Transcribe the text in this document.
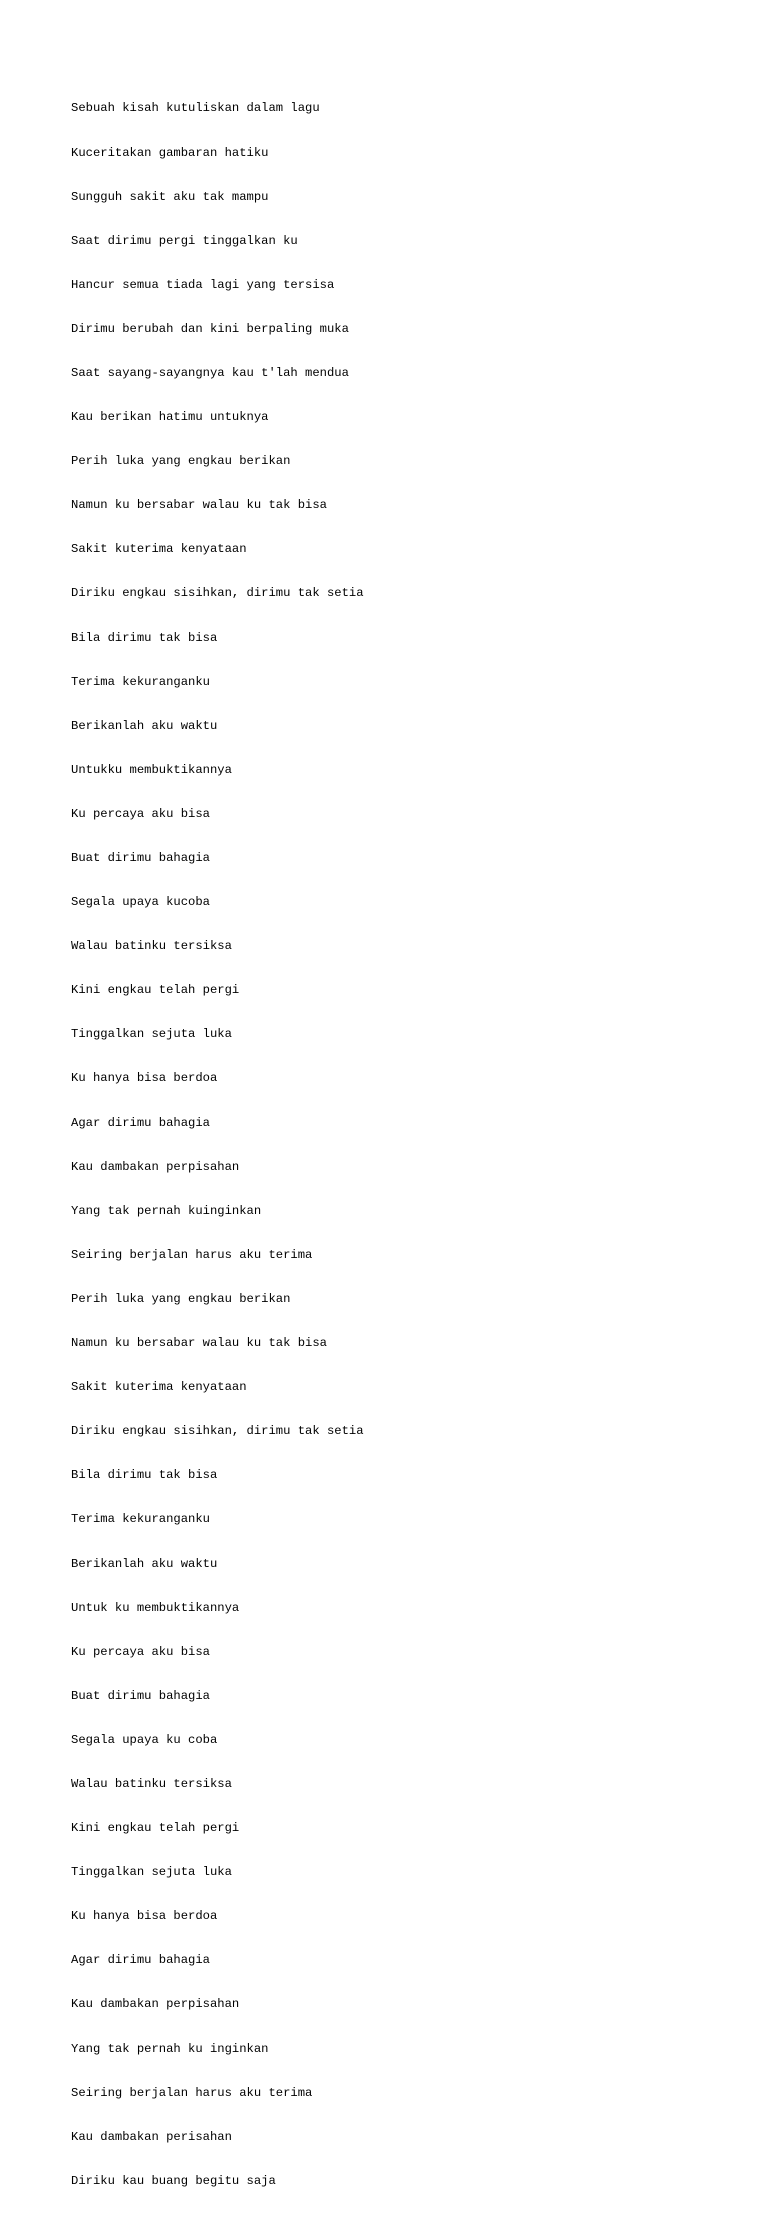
Sebuah kisah kutuliskan dalam lagu

Kuceritakan gambaran hatiku

Sungguh sakit aku tak mampu

Saat dirimu pergi tinggalkan ku

Hancur semua tiada lagi yang tersisa

Dirimu berubah dan kini berpaling muka

Saat sayang-sayangnya kau t'lah mendua

Kau berikan hatimu untuknya

Perih luka yang engkau berikan

Namun ku bersabar walau ku tak bisa

Sakit kuterima kenyataan

Diriku engkau sisihkan, dirimu tak setia

Bila dirimu tak bisa

Terima kekuranganku

Berikanlah aku waktu

Untukku membuktikannya

Ku percaya aku bisa

Buat dirimu bahagia

Segala upaya kucoba

Walau batinku tersiksa

Kini engkau telah pergi

Tinggalkan sejuta luka

Ku hanya bisa berdoa

Agar dirimu bahagia

Kau dambakan perpisahan

Yang tak pernah kuinginkan

Seiring berjalan harus aku terima

Perih luka yang engkau berikan

Namun ku bersabar walau ku tak bisa

Sakit kuterima kenyataan

Diriku engkau sisihkan, dirimu tak setia

Bila dirimu tak bisa

Terima kekuranganku

Berikanlah aku waktu

Untuk ku membuktikannya

Ku percaya aku bisa

Buat dirimu bahagia

Segala upaya ku coba

Walau batinku tersiksa

Kini engkau telah pergi

Tinggalkan sejuta luka

Ku hanya bisa berdoa

Agar dirimu bahagia

Kau dambakan perpisahan

Yang tak pernah ku inginkan

Seiring berjalan harus aku terima

Kau dambakan perisahan

Diriku kau buang begitu saja
